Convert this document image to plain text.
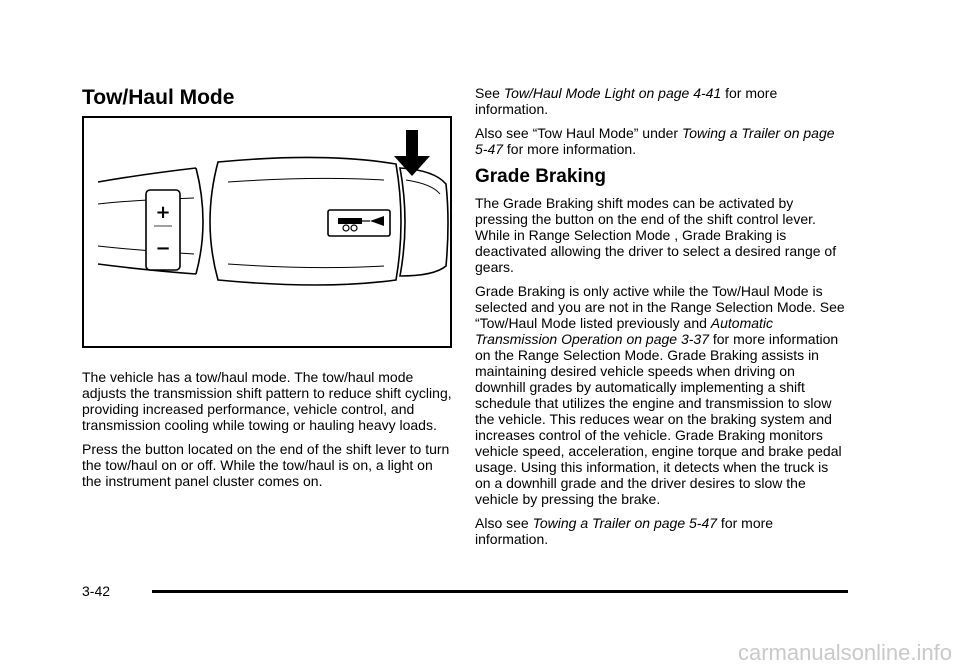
Tow/Haul Mode
+
−

The vehicle has a tow/haul mode. The tow/haul mode adjusts the transmission shift pattern to reduce shift cycling, providing increased performance, vehicle control, and transmission cooling while towing or hauling heavy loads.

Press the button located on the end of the shift lever to turn the tow/haul on or off. While the tow/haul is on, a light on the instrument panel cluster comes on.

See Tow/Haul Mode Light on page 4‑41 for more information.

Also see “Tow Haul Mode” under Towing a Trailer on page 5‑47 for more information.

Grade Braking

The Grade Braking shift modes can be activated by pressing the button on the end of the shift control lever. While in Range Selection Mode , Grade Braking is deactivated allowing the driver to select a desired range of gears.

Grade Braking is only active while the Tow/Haul Mode is selected and you are not in the Range Selection Mode. See “Tow/Haul Mode listed previously and Automatic Transmission Operation on page 3‑37 for more information on the Range Selection Mode. Grade Braking assists in maintaining desired vehicle speeds when driving on downhill grades by automatically implementing a shift schedule that utilizes the engine and transmission to slow the vehicle. This reduces wear on the braking system and increases control of the vehicle. Grade Braking monitors vehicle speed, acceleration, engine torque and brake pedal usage. Using this information, it detects when the truck is on a downhill grade and the driver desires to slow the vehicle by pressing the brake.

Also see Towing a Trailer on page 5‑47 for more information.

3-42
carmanualsonline.info
